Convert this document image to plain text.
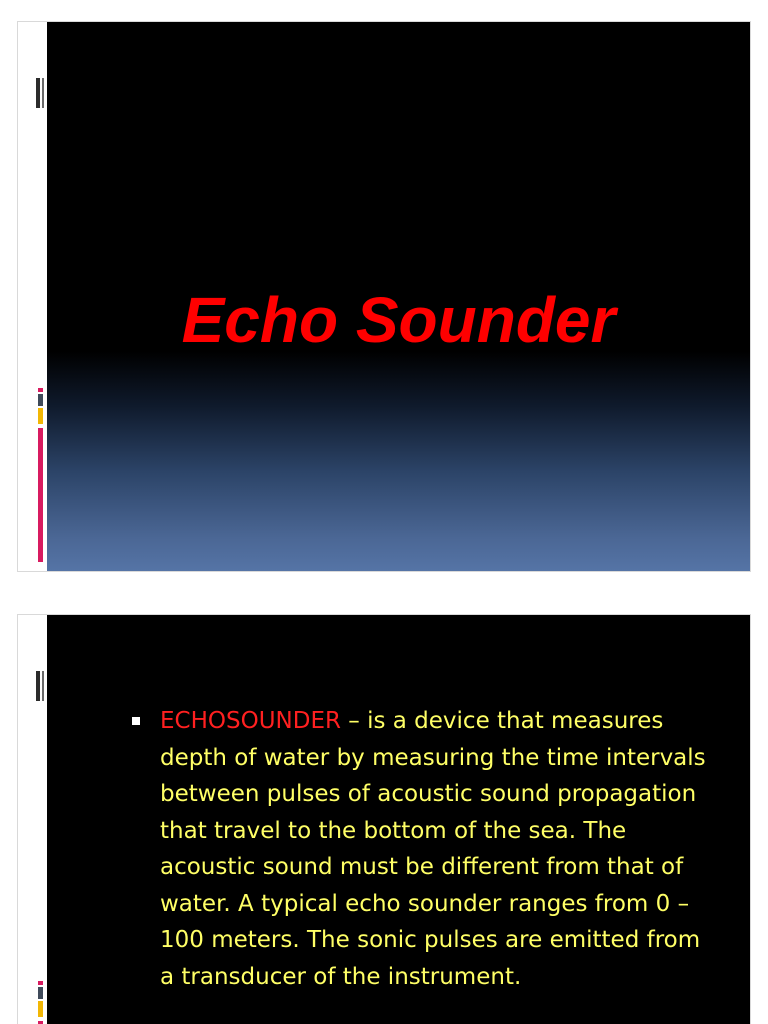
Echo Sounder
ECHOSOUNDER – is a device that measures depth of water by measuring the time intervals between pulses of acoustic sound propagation that travel to the bottom of the sea. The acoustic sound must be different from that of water. A typical echo sounder ranges from 0 – 100 meters. The sonic pulses are emitted from a transducer of the instrument.
